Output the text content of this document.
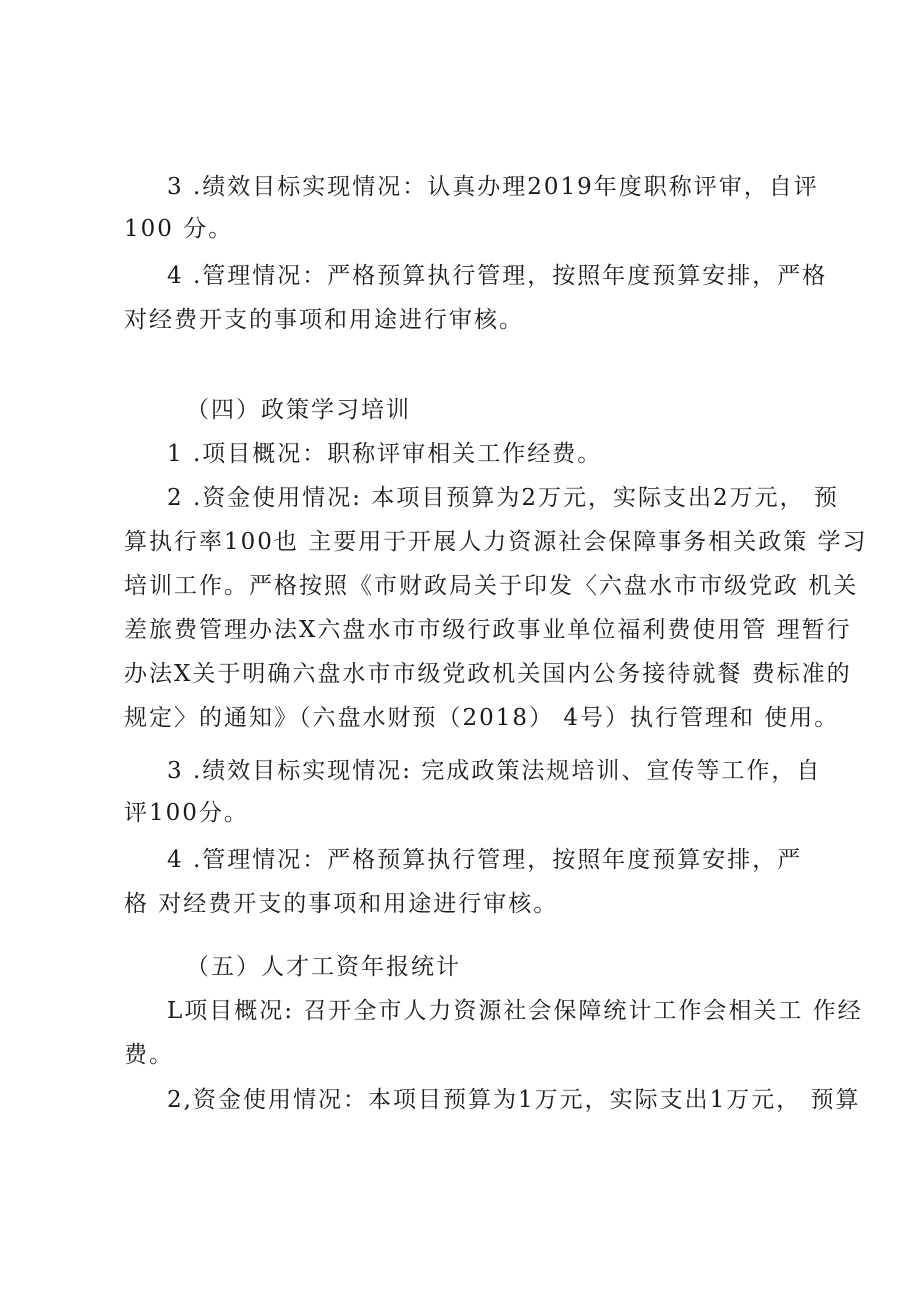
3 .绩效目标实现情况：认真办理2019年度职称评审，自评
100 分。
4 .管理情况：严格预算执行管理，按照年度预算安排，严格
对经费开支的事项和用途进行审核。
（四）政策学习培训
1 .项目概况：职称评审相关工作经费。
2 .资金使用情况: 本项目预算为2万元，实际支出2万元， 预
算执行率100也 主要用于开展人力资源社会保障事务相关政策 学习
培训工作。严格按照《市财政局关于印发〈六盘水市市级党政 机关
差旅费管理办法X六盘水市市级行政事业单位福利费使用管 理暂行
办法X关于明确六盘水市市级党政机关国内公务接待就餐 费标准的
规定〉的通知》（六盘水财预（2018） 4号）执行管理和 使用。
3 .绩效目标实现情况: 完成政策法规培训、宣传等工作，自
评100分。
4 .管理情况：严格预算执行管理，按照年度预算安排，严
格 对经费开支的事项和用途进行审核。
（五）人才工资年报统计
L项目概况: 召开全市人力资源社会保障统计工作会相关工 作经
费。
2,资金使用情况：本项目预算为1万元，实际支出1万元， 预算
